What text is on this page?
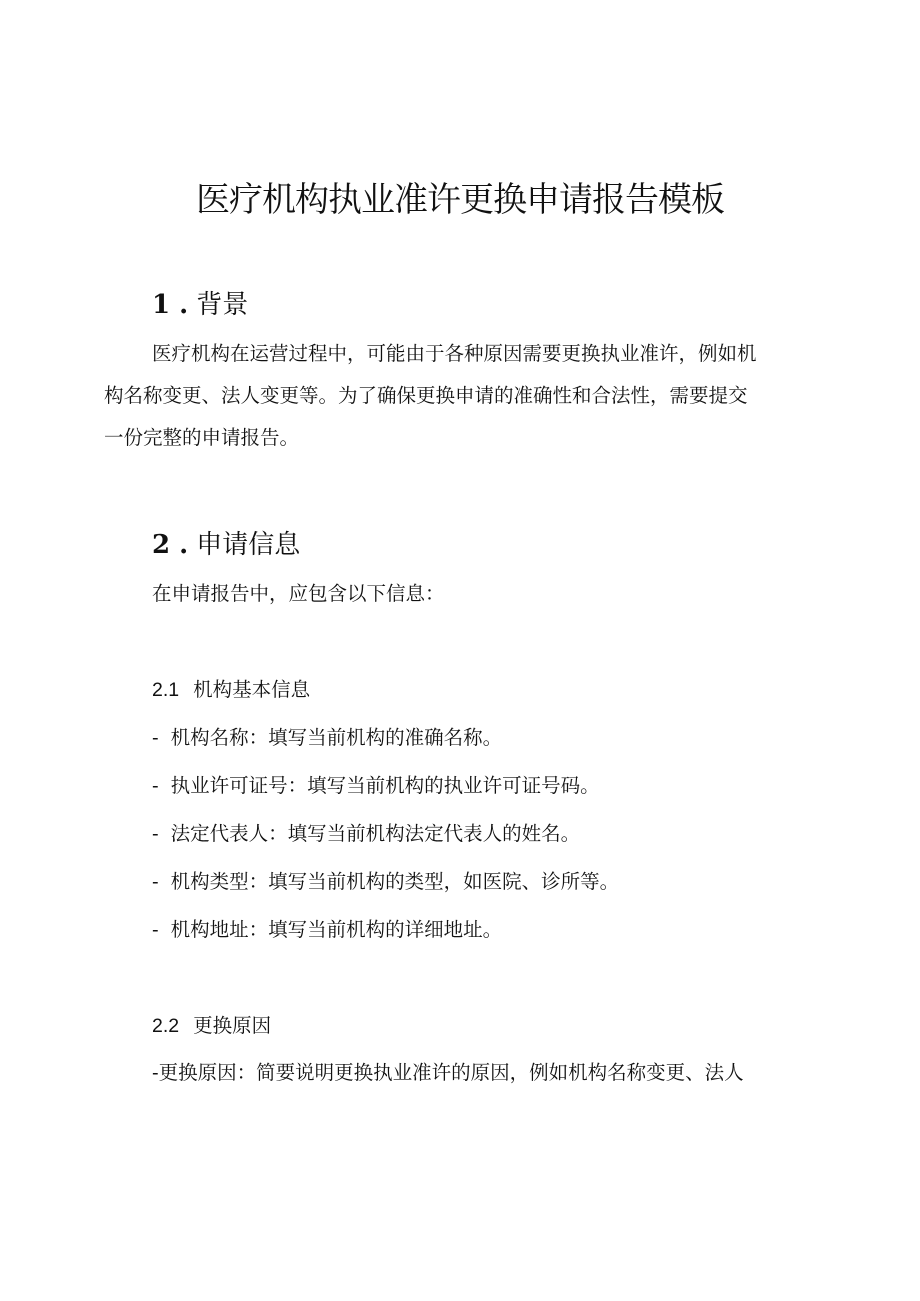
医疗机构执业准许更换申请报告模板
1 . 背景
医疗机构在运营过程中，可能由于各种原因需要更换执业准许，例如机
构名称变更、法人变更等。为了确保更换申请的准确性和合法性，需要提交
一份完整的申请报告。
2 . 申请信息
在申请报告中，应包含以下信息：
2.1 机构基本信息
- 机构名称：填写当前机构的准确名称。
- 执业许可证号：填写当前机构的执业许可证号码。
- 法定代表人：填写当前机构法定代表人的姓名。
- 机构类型：填写当前机构的类型，如医院、诊所等。
- 机构地址：填写当前机构的详细地址。
2.2 更换原因
-更换原因：简要说明更换执业准许的原因，例如机构名称变更、法人
